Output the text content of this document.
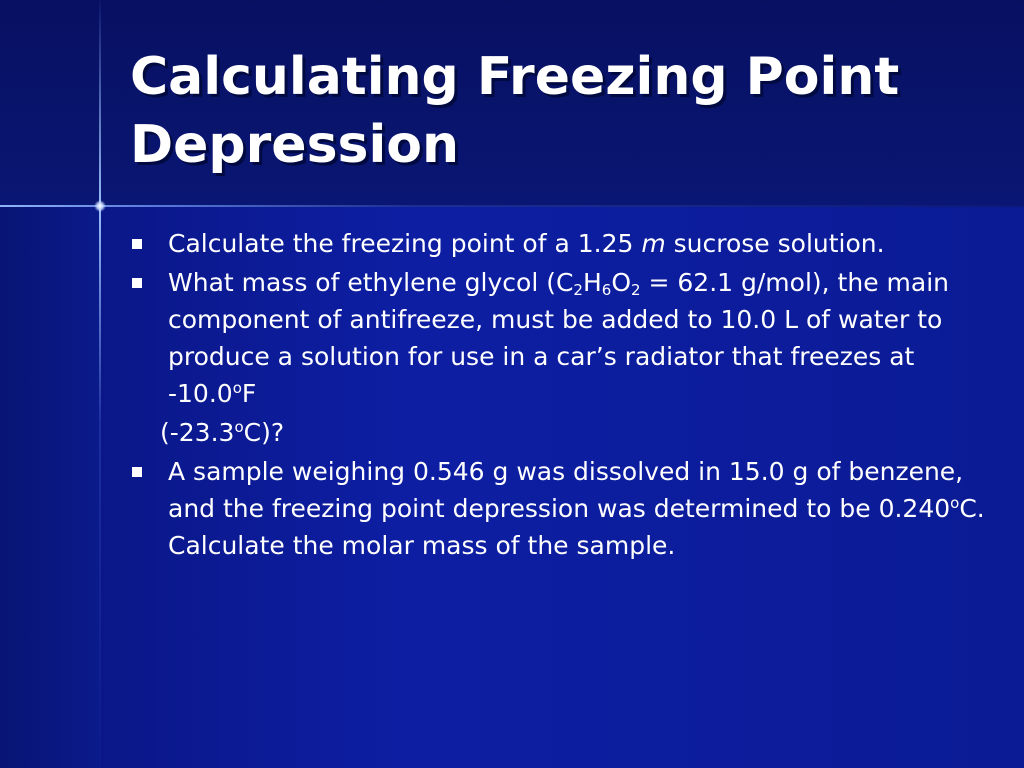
Calculating Freezing Point
Depression
Calculate the freezing point of a 1.25 m sucrose solution.
What mass of ethylene glycol ($C_2H_6O_2 = 62.1$ g/mol), the main component of antifreeze, must be added to 10.0 L of water to produce a solution for use in a car’s radiator that freezes at -10.0$^o$F
(-23.3$^o$C)?
A sample weighing 0.546 g was dissolved in 15.0 g of benzene, and the freezing point depression was determined to be 0.240$^o$C. Calculate the molar mass of the sample.
